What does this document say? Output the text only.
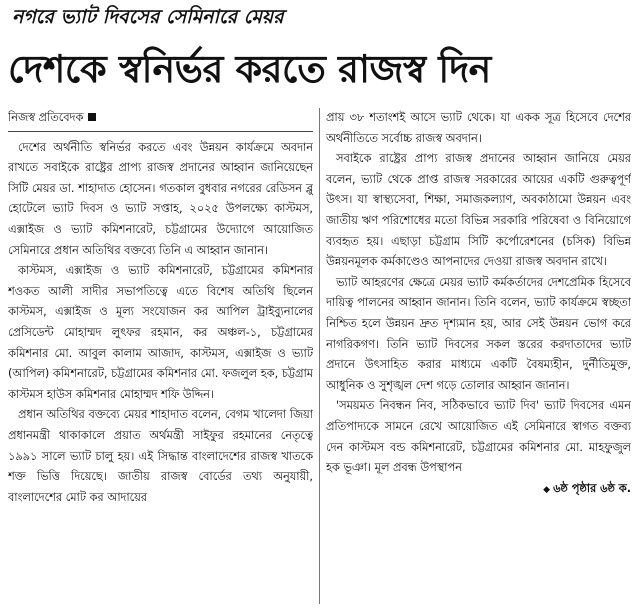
নগরে ভ্যাট দিবসের সেমিনারে মেয়র
দেশকে স্বনির্ভর করতে রাজস্ব দিন

নিজস্ব প্রতিবেদক

দেশের অর্থনীতি স্বনির্ভর করতে এবং উন্নয়ন কার্যক্রমে অবদান রাখতে সবাইকে রাষ্ট্রের প্রাপ্য রাজস্ব প্রদানের আহ্বান জানিয়েছেন সিটি মেয়র ডা. শাহাদাত হোসেন। গতকাল বুধবার নগরের রেডিসন ব্লু হোটেলে ভ্যাট দিবস ও ভ্যাট সপ্তাহ, ২০২৫ উপলক্ষ্যে কাস্টমস, এক্সাইজ ও ভ্যাট কমিশনারেট, চট্টগ্রামের উদ্যোগে আয়োজিত সেমিনারে প্রধান অতিথির বক্তব্যে তিনি এ আহ্বান জানান।

কাস্টমস, এক্সাইজ ও ভ্যাট কমিশনারেট, চট্টগ্রামের কমিশনার শওকত আলী সাদীর সভাপতিত্বে এতে বিশেষ অতিথি ছিলেন কাস্টমস, এক্সাইজ ও মূল্য সংযোজন কর আপিল ট্রাইব্যুনালের প্রেসিডেন্ট মোহাম্মদ লুৎফর রহমান, কর অঞ্চল-১, চট্টগ্রামের কমিশনার মো. আবুল কালাম আজাদ, কাস্টমস, এক্সাইজ ও ভ্যাট (আপিল) কমিশনারেট, চট্টগ্রামের কমিশনার মো. ফজলুল হক, চট্টগ্রাম কাস্টমস হাউস কমিশনার মোহাম্মদ শফি উদ্দিন।

প্রধান অতিথির বক্তব্যে মেয়র শাহাদাত বলেন, বেগম খালেদা জিয়া প্রধানমন্ত্রী থাকাকালে প্রয়াত অর্থমন্ত্রী সাইফুর রহমানের নেতৃত্বে ১৯৯১ সালে ভ্যাট চালু হয়। এই সিদ্ধান্ত বাংলাদেশের রাজস্ব খাতকে শক্ত ভিত্তি দিয়েছে। জাতীয় রাজস্ব বোর্ডের তথ্য অনুযায়ী, বাংলাদেশের মোট কর আদায়ের

প্রায় ৩৮ শতাংশই আসে ভ্যাট থেকে। যা একক সূত্র হিসেবে দেশের অর্থনীতিতে সর্বোচ্চ রাজস্ব অবদান।

সবাইকে রাষ্ট্রের প্রাপ্য রাজস্ব প্রদানের আহ্বান জানিয়ে মেয়র বলেন, ভ্যাট থেকে প্রাপ্ত রাজস্ব সরকারের আয়ের একটি গুরুত্বপূর্ণ উৎস। যা স্বাস্থ্যসেবা, শিক্ষা, সমাজকল্যাণ, অবকাঠামো উন্নয়ন এবং জাতীয় ঋণ পরিশোধের মতো বিভিন্ন সরকারি পরিষেবা ও বিনিয়োগে ব্যবহৃত হয়। এছাড়া চট্টগ্রাম সিটি কর্পোরেশনের (চসিক) বিভিন্ন উন্নয়নমূলক কর্মকাণ্ডেও আপনাদের দেওয়া রাজস্ব অবদান রাখে।

ভ্যাট আহরণের ক্ষেত্রে মেয়র ভ্যাট কর্মকর্তাদের দেশপ্রেমিক হিসেবে দায়িত্ব পালনের আহ্বান জানান। তিনি বলেন, ভ্যাট কার্যক্রমে স্বচ্ছতা নিশ্চিত হলে উন্নয়ন দ্রুত দৃশ্যমান হয়, আর সেই উন্নয়ন ভোগ করে নাগরিকগণ। তিনি ভ্যাট দিবসের সকল স্তরের করদাতাদের ভ্যাট প্রদানে উৎসাহিত করার মাধ্যমে একটি বৈষম্যহীন, দুর্নীতিমুক্ত, আধুনিক ও সুশৃঙ্খল দেশ গড়ে তোলার আহ্বান জানান।

'সময়মত নিবন্ধন নিব, সঠিকভাবে ভ্যাট দিব' ভ্যাট দিবসের এমন প্রতিপাদ্যকে সামনে রেখে আয়োজিত এই সেমিনারে স্বাগত বক্তব্য দেন কাস্টমস বন্ড কমিশনারেট, চট্টগ্রামের কমিশনার মো. মাহফুজুল হক ভূঞা। মূল প্রবন্ধ উপস্থাপন

◆ ৬ষ্ঠ পৃষ্ঠার ৬ষ্ঠ ক.
